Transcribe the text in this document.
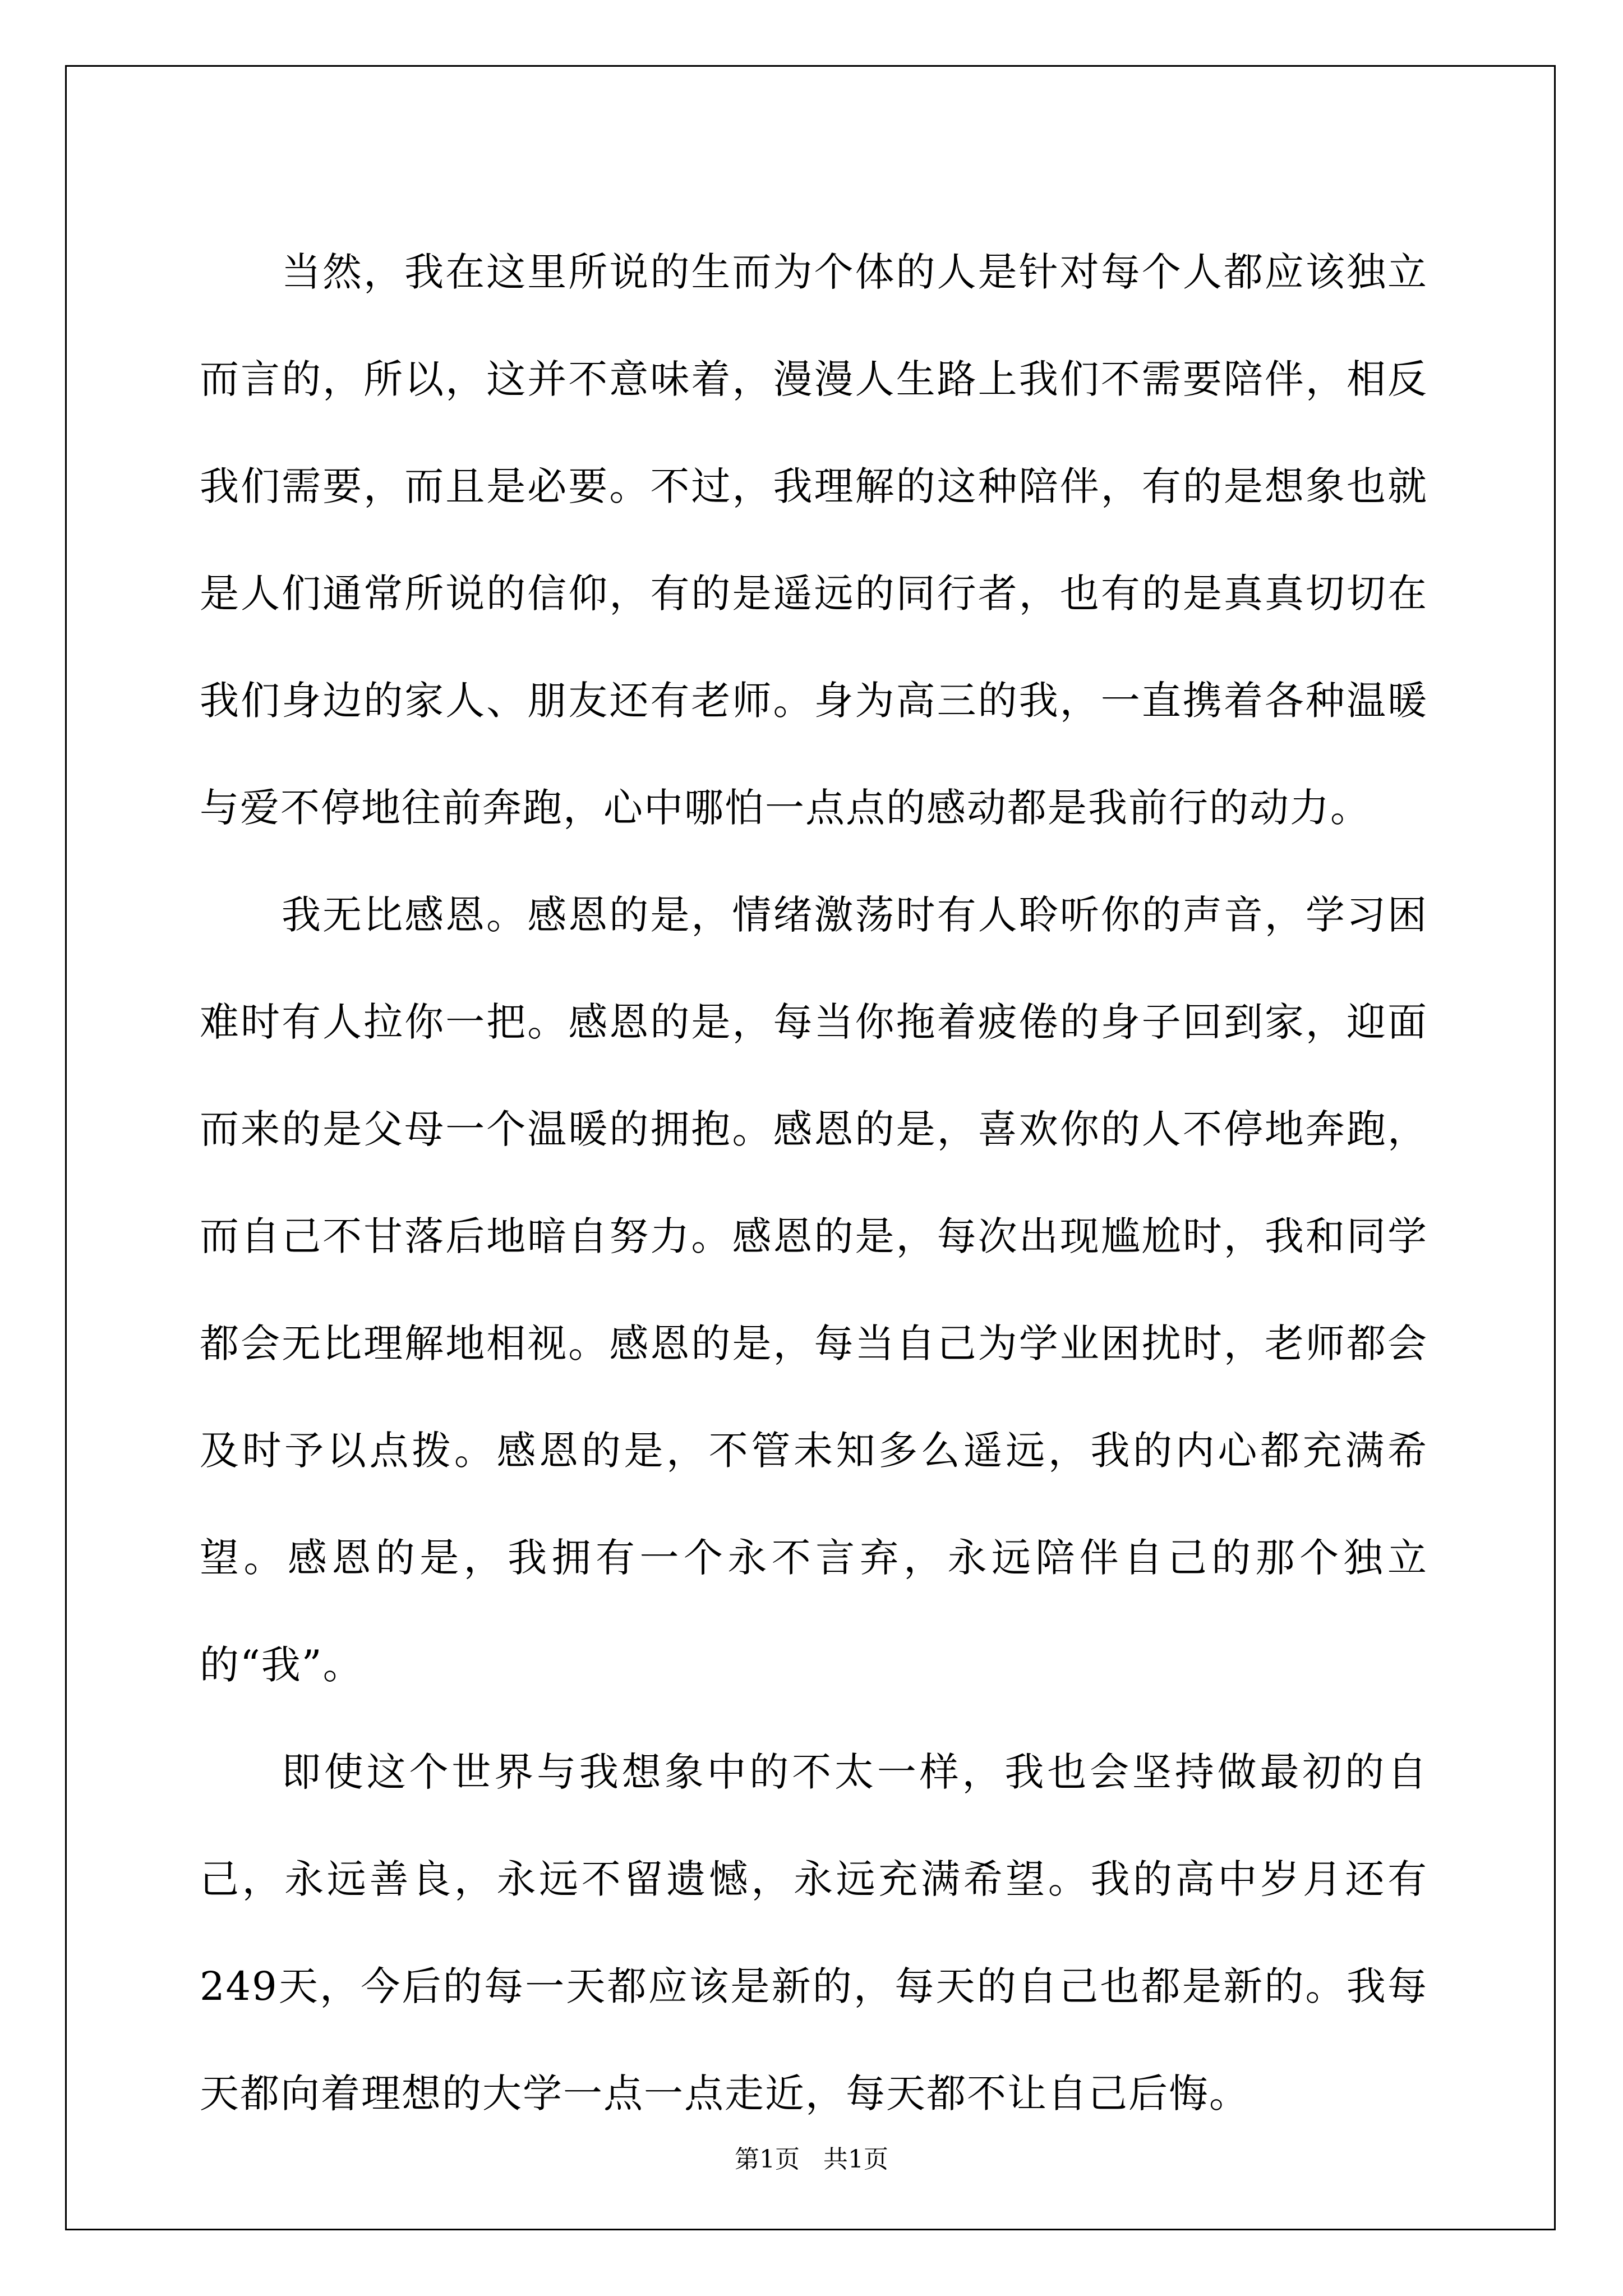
当然，我在这里所说的生而为个体的人是针对每个人都应该独立而言的，所以，这并不意味着，漫漫人生路上我们不需要陪伴，相反我们需要，而且是必要。不过，我理解的这种陪伴，有的是想象也就是人们通常所说的信仰，有的是遥远的同行者，也有的是真真切切在我们身边的家人、朋友还有老师。身为高三的我，一直携着各种温暖与爱不停地往前奔跑，心中哪怕一点点的感动都是我前行的动力。

我无比感恩。感恩的是，情绪激荡时有人聆听你的声音，学习困难时有人拉你一把。感恩的是，每当你拖着疲倦的身子回到家，迎面而来的是父母一个温暖的拥抱。感恩的是，喜欢你的人不停地奔跑，而自己不甘落后地暗自努力。感恩的是，每次出现尴尬时，我和同学都会无比理解地相视。感恩的是，每当自己为学业困扰时，老师都会及时予以点拨。感恩的是，不管未知多么遥远，我的内心都充满希望。感恩的是，我拥有一个永不言弃，永远陪伴自己的那个独立的“我”。

即使这个世界与我想象中的不太一样，我也会坚持做最初的自己，永远善良，永远不留遗憾，永远充满希望。我的高中岁月还有249天，今后的每一天都应该是新的，每天的自己也都是新的。我每天都向着理想的大学一点一点走近，每天都不让自己后悔。

第1页 共1页
